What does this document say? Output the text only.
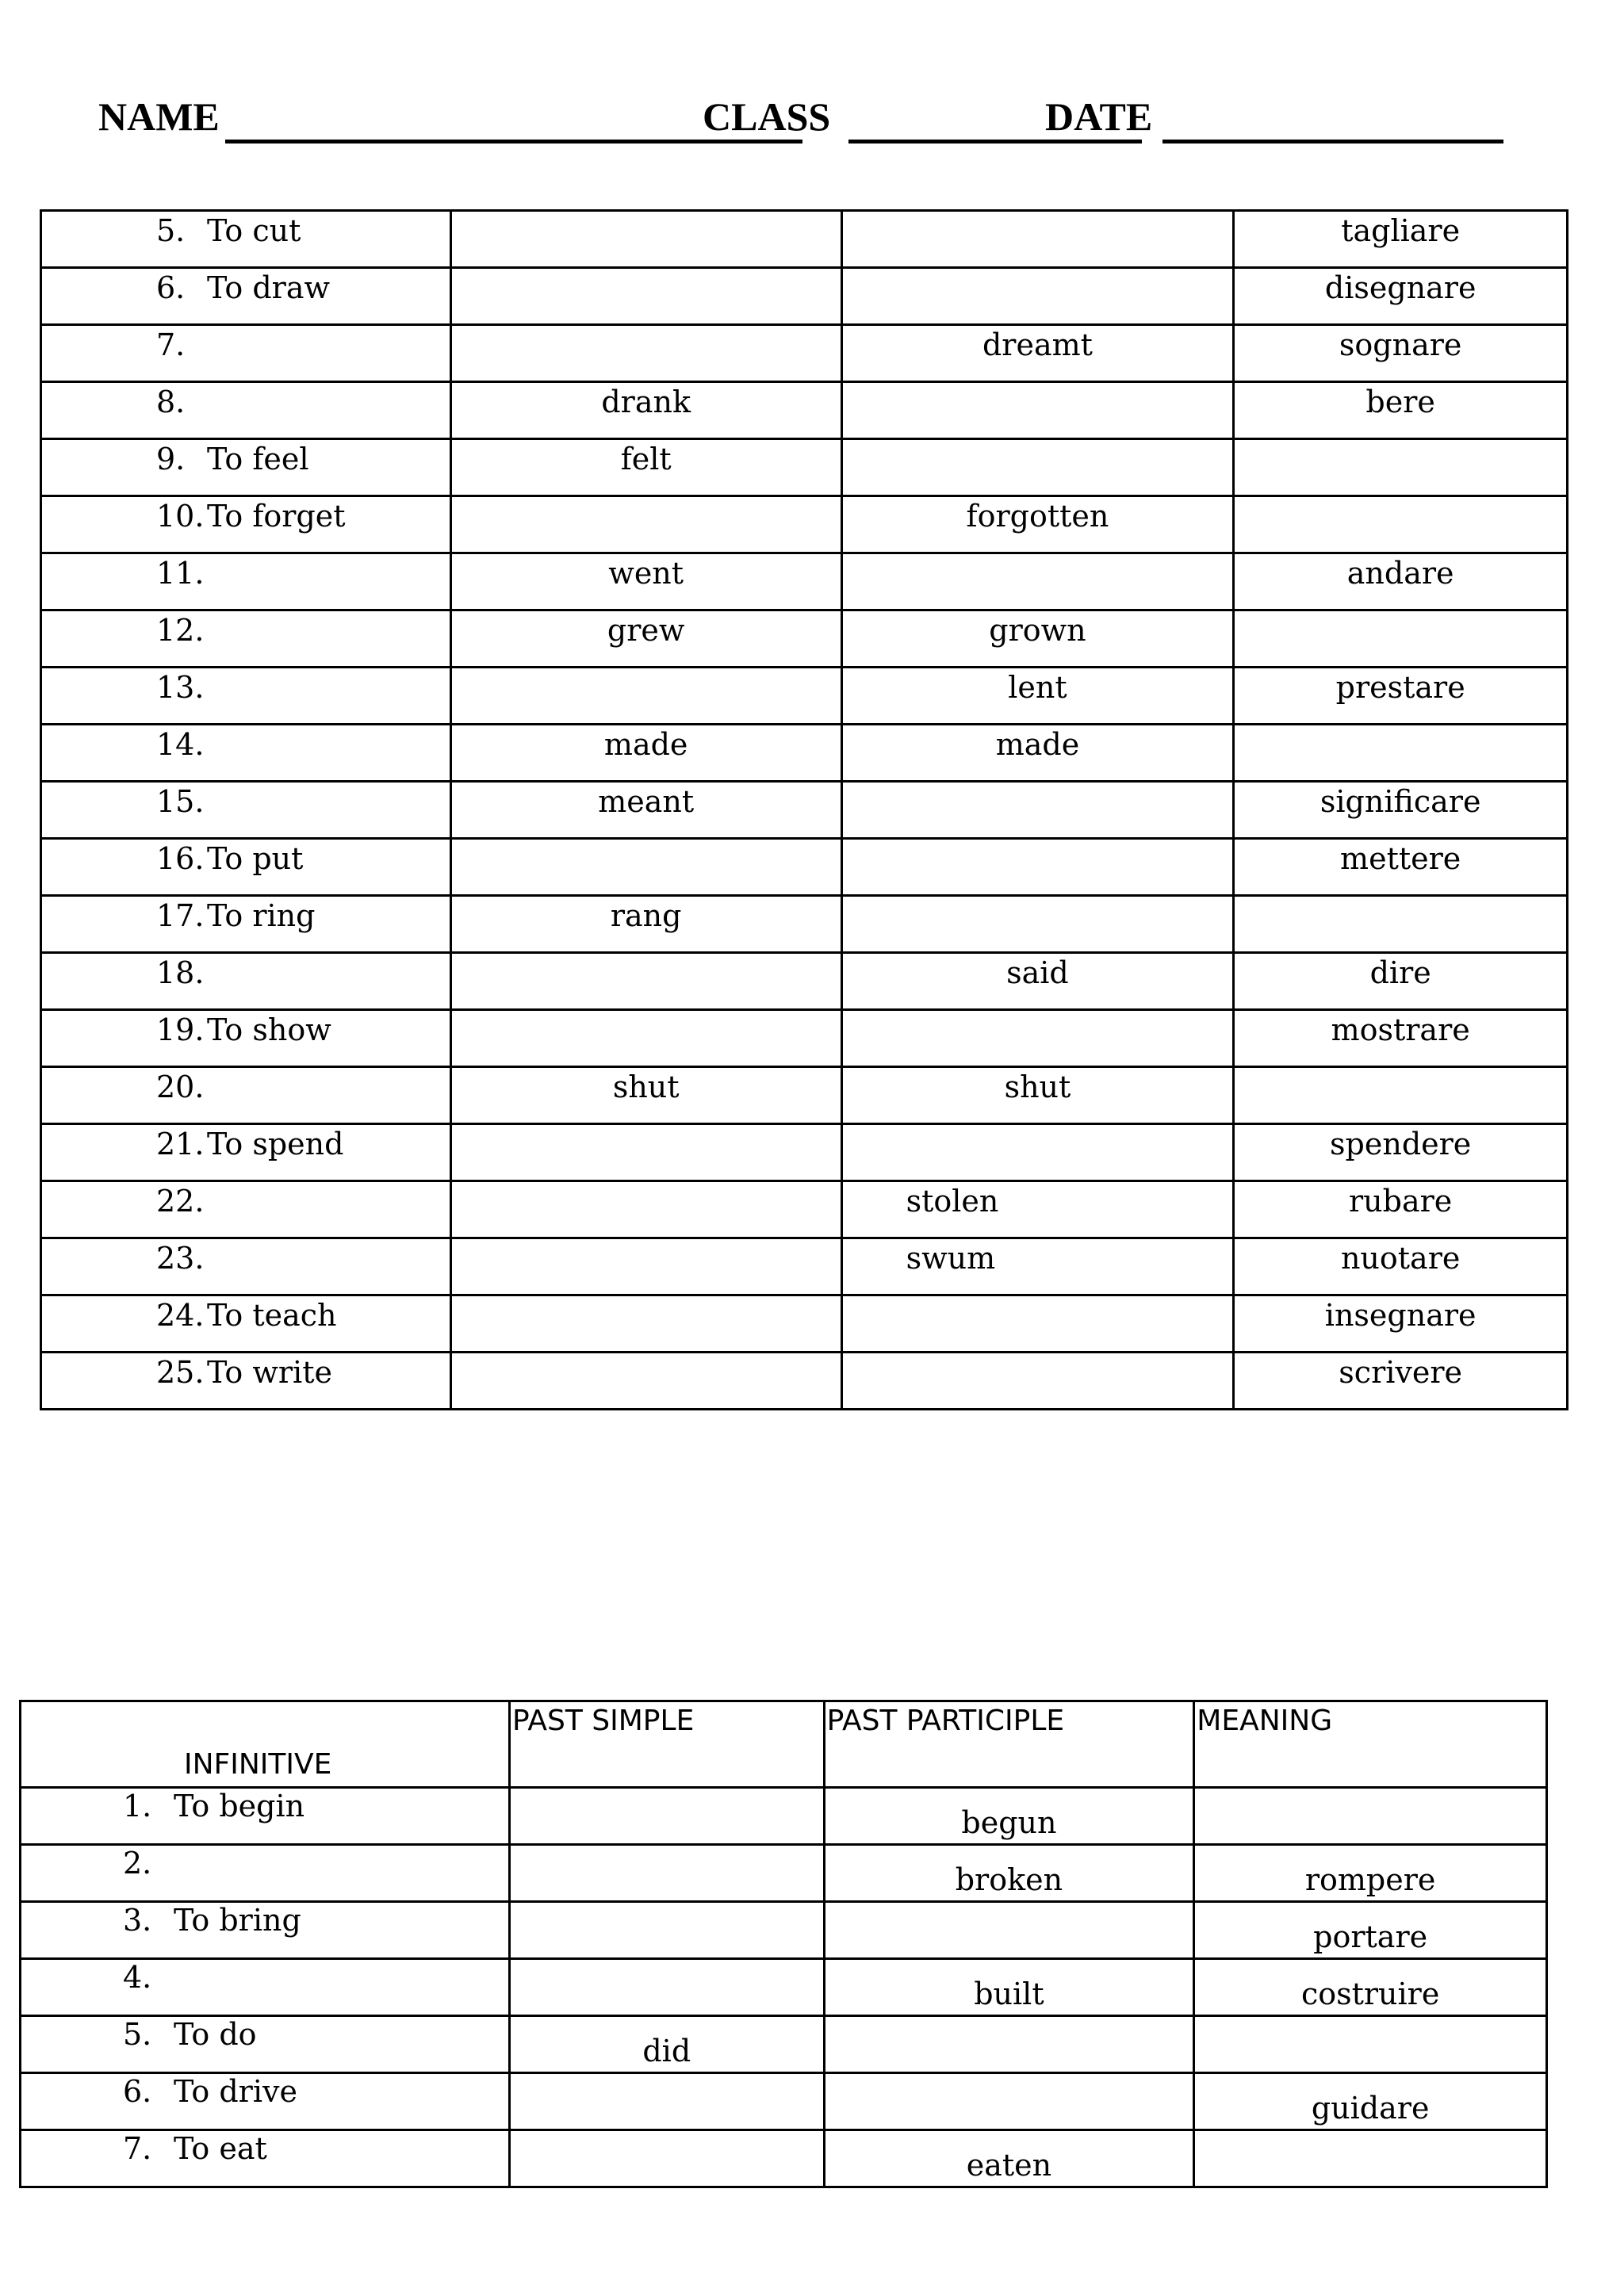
NAME	CLASS	DATE
5. To cut			tagliare
6. To draw			disegnare
7.		dreamt	sognare
8.	drank		bere
9. To feel	felt		
10.To forget		forgotten	
11.	went		andare
12.	grew	grown	
13.		lent	prestare
14.	made	made	
15.	meant		significare
16.To put			mettere
17.To ring	rang		
18.		said	dire
19.To show			mostrare
20.	shut	shut	
21.To spend			spendere
22.		stolen	rubare
23.		swum	nuotare
24.To teach			insegnare
25.To write			scrivere
INFINITIVE	PAST SIMPLE	PAST PARTICIPLE	MEANING
1. To begin		begun	
2.		broken	rompere
3. To bring			portare
4.		built	costruire
5. To do	did		
6. To drive			guidare
7. To eat		eaten	
